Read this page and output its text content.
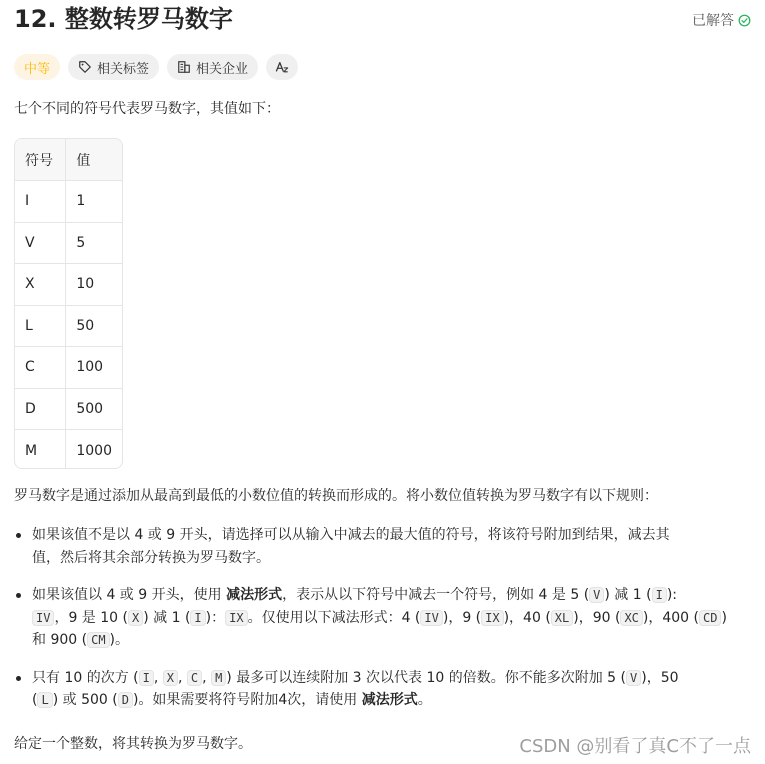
12. 整数转罗马数字	已解答
中等	相关标签	相关企业

七个不同的符号代表罗马数字，其值如下：

符号	值
I	1
V	5
X	10
L	50
C	100
D	500
M	1000

罗马数字是通过添加从最高到最低的小数位值的转换而形成的。将小数位值转换为罗马数字有以下规则：

如果该值不是以 4 或 9 开头，请选择可以从输入中减去的最大值的符号，将该符号附加到结果，减去其
值，然后将其余部分转换为罗马数字。
如果该值以 4 或 9 开头，使用 减法形式，表示从以下符号中减去一个符号，例如 4 是 5 ( V ) 减 1 ( I ):
IV ，9 是 10 ( X ) 减 1 ( I )： IX 。仅使用以下减法形式：4 ( IV )，9 ( IX )，40 ( XL )，90 ( XC )，400 ( CD )
和 900 ( CM )。
只有 10 的次方 ( I , X , C , M ) 最多可以连续附加 3 次以代表 10 的倍数。你不能多次附加 5 ( V )，50
( L ) 或 500 ( D )。如果需要将符号附加4次，请使用 减法形式。

给定一个整数，将其转换为罗马数字。	CSDN @别看了真C不了一点
